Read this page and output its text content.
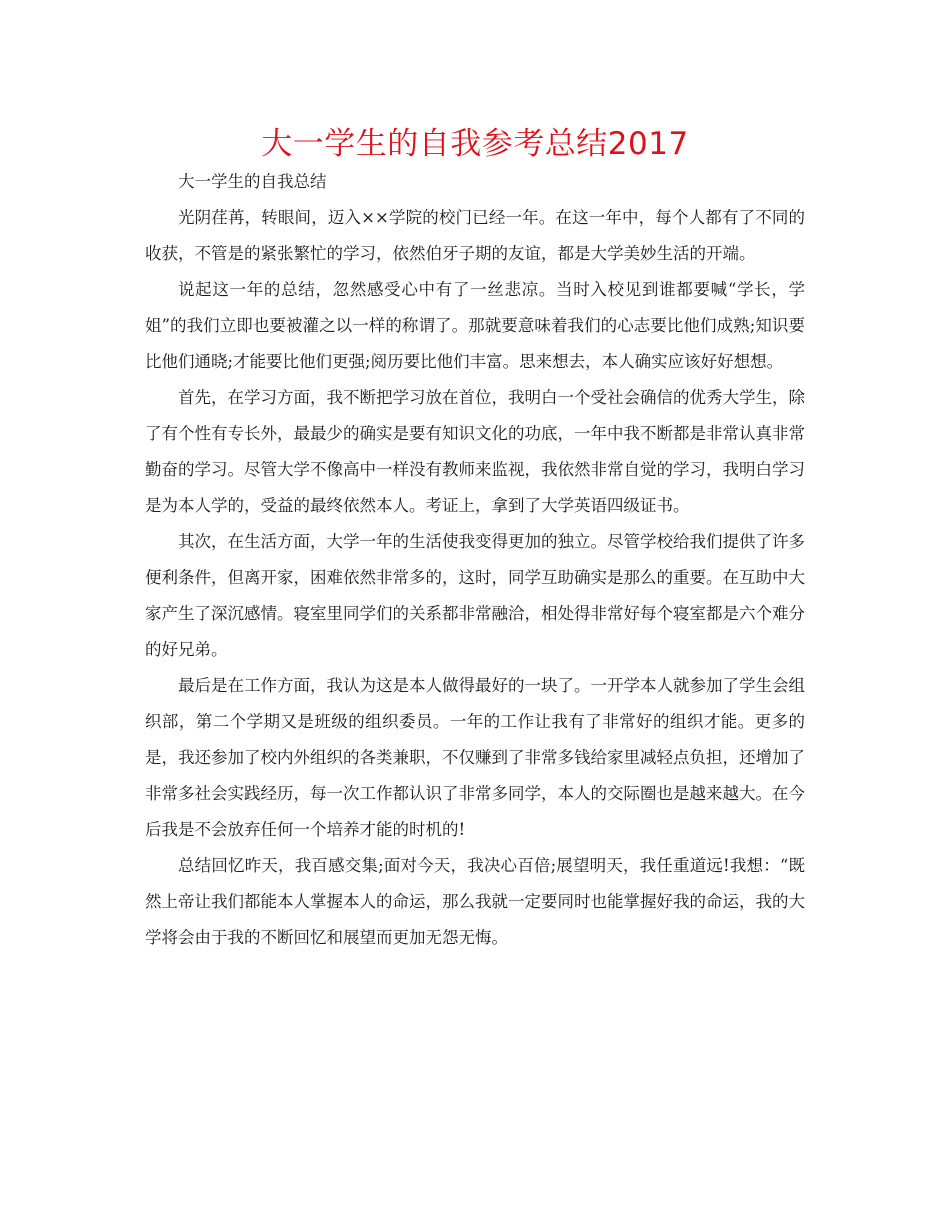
大一学生的自我参考总结2017

大一学生的自我总结

光阴荏苒，转眼间，迈入××学院的校门已经一年。在这一年中，每个人都有了不同的收获，不管是的紧张繁忙的学习，依然伯牙子期的友谊，都是大学美妙生活的开端。

说起这一年的总结，忽然感受心中有了一丝悲凉。当时入校见到谁都要喊“学长，学姐”的我们立即也要被灌之以一样的称谓了。那就要意味着我们的心志要比他们成熟;知识要比他们通晓;才能要比他们更强;阅历要比他们丰富。思来想去，本人确实应该好好想想。

首先，在学习方面，我不断把学习放在首位，我明白一个受社会确信的优秀大学生，除了有个性有专长外，最最少的确实是要有知识文化的功底，一年中我不断都是非常认真非常勤奋的学习。尽管大学不像高中一样没有教师来监视，我依然非常自觉的学习，我明白学习是为本人学的，受益的最终依然本人。考证上，拿到了大学英语四级证书。

其次，在生活方面，大学一年的生活使我变得更加的独立。尽管学校给我们提供了许多便利条件，但离开家，困难依然非常多的，这时，同学互助确实是那么的重要。在互助中大家产生了深沉感情。寝室里同学们的关系都非常融洽，相处得非常好每个寝室都是六个难分的好兄弟。

最后是在工作方面，我认为这是本人做得最好的一块了。一开学本人就参加了学生会组织部，第二个学期又是班级的组织委员。一年的工作让我有了非常好的组织才能。更多的是，我还参加了校内外组织的各类兼职，不仅赚到了非常多钱给家里减轻点负担，还增加了非常多社会实践经历，每一次工作都认识了非常多同学，本人的交际圈也是越来越大。在今后我是不会放弃任何一个培养才能的时机的!

总结回忆昨天，我百感交集;面对今天，我决心百倍;展望明天，我任重道远!我想：“既然上帝让我们都能本人掌握本人的命运，那么我就一定要同时也能掌握好我的命运，我的大学将会由于我的不断回忆和展望而更加无怨无悔。
